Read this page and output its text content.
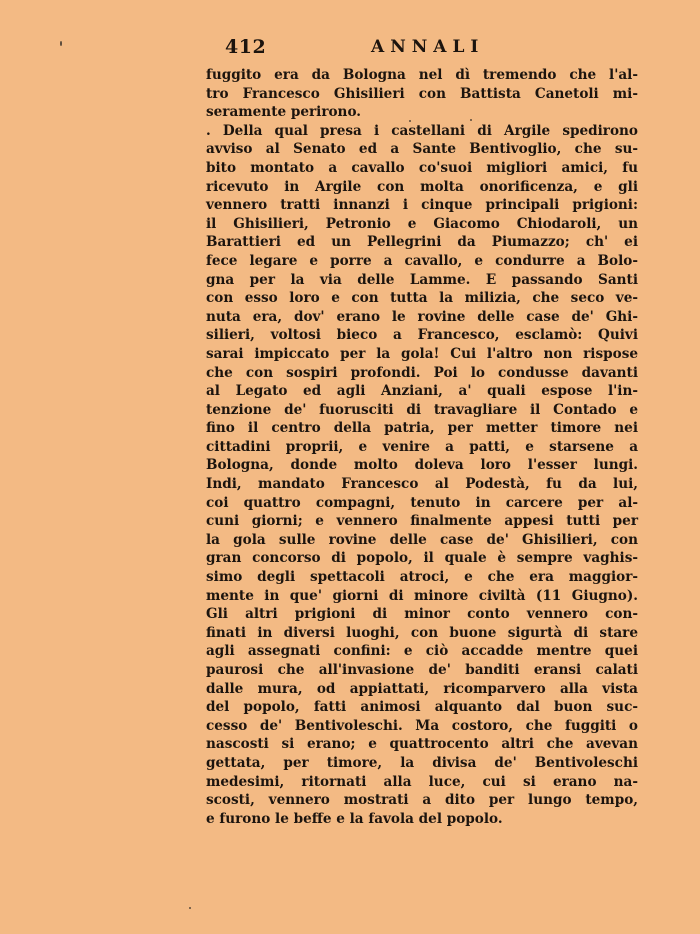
412	ANNALI
fuggito era da Bologna nel dì tremendo che l'al-
tro Francesco Ghisilieri con Battista Canetoli mi-
seramente perirono.
. Della qual presa i castellani di Argile spedirono
avviso al Senato ed a Sante Bentivoglio, che su-
bito montato a cavallo co'suoi migliori amici, fu
ricevuto in Argile con molta onorificenza, e gli
vennero tratti innanzi i cinque principali prigioni:
il Ghisilieri, Petronio e Giacomo Chiodaroli, un
Barattieri ed un Pellegrini da Piumazzo; ch' ei
fece legare e porre a cavallo, e condurre a Bolo-
gna per la via delle Lamme. E passando Santi
con esso loro e con tutta la milizia, che seco ve-
nuta era, dov' erano le rovine delle case de' Ghi-
silieri, voltosi bieco a Francesco, esclamò: Quivi
sarai impiccato per la gola! Cui l'altro non rispose
che con sospiri profondi. Poi lo condusse davanti
al Legato ed agli Anziani, a' quali espose l'in-
tenzione de' fuorusciti di travagliare il Contado e
fino il centro della patria, per metter timore nei
cittadini proprii, e venire a patti, e starsene a
Bologna, donde molto doleva loro l'esser lungi.
Indi, mandato Francesco al Podestà, fu da lui,
coi quattro compagni, tenuto in carcere per al-
cuni giorni; e vennero finalmente appesi tutti per
la gola sulle rovine delle case de' Ghisilieri, con
gran concorso di popolo, il quale è sempre vaghis-
simo degli spettacoli atroci, e che era maggior-
mente in que' giorni di minore civiltà (11 Giugno).
Gli altri prigioni di minor conto vennero con-
finati in diversi luoghi, con buone sigurtà di stare
agli assegnati confini: e ciò accadde mentre quei
paurosi che all'invasione de' banditi eransi calati
dalle mura, od appiattati, ricomparvero alla vista
del popolo, fatti animosi alquanto dal buon suc-
cesso de' Bentivoleschi. Ma costoro, che fuggiti o
nascosti si erano; e quattrocento altri che avevan
gettata, per timore, la divisa de' Bentivoleschi
medesimi, ritornati alla luce, cui si erano na-
scosti, vennero mostrati a dito per lungo tempo,
e furono le beffe e la favola del popolo.
